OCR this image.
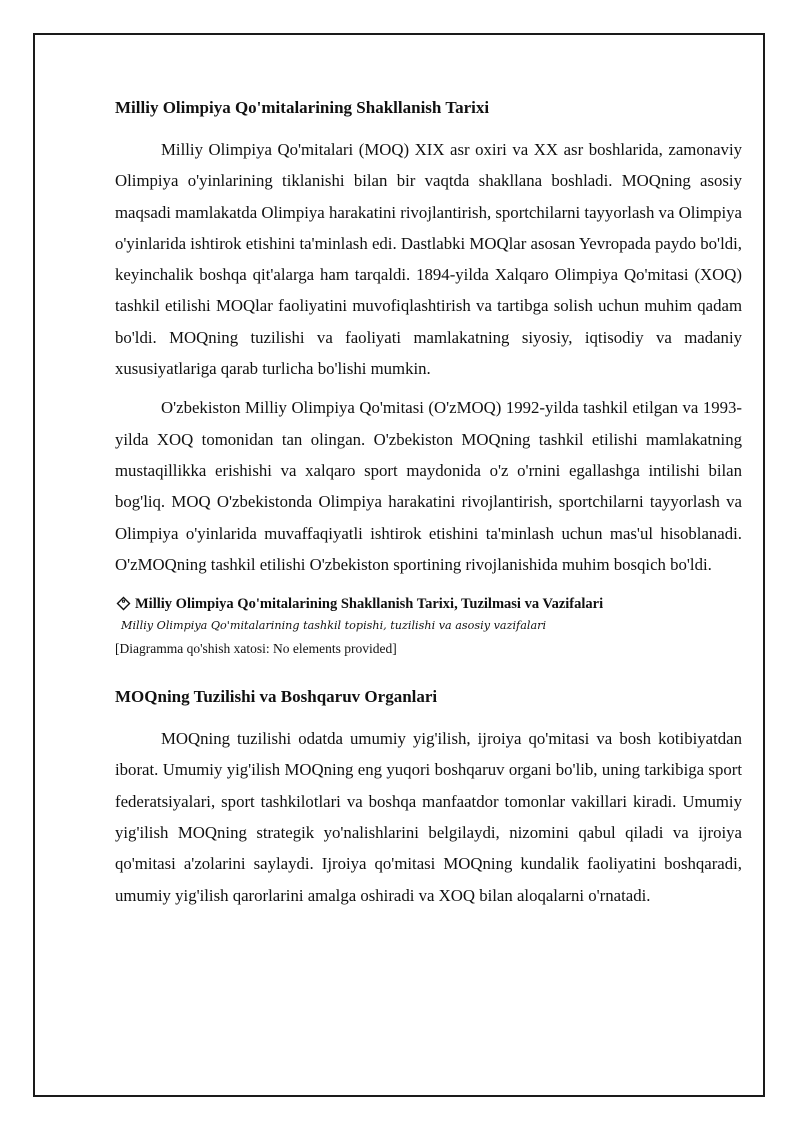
Milliy Olimpiya Qo'mitalarining Shakllanish Tarixi

Milliy Olimpiya Qo'mitalari (MOQ) XIX asr oxiri va XX asr boshlarida, zamonaviy Olimpiya o'yinlarining tiklanishi bilan bir vaqtda shakllana boshladi. MOQning asosiy maqsadi mamlakatda Olimpiya harakatini rivojlantirish, sportchilarni tayyorlash va Olimpiya o'yinlarida ishtirok etishini ta'minlash edi. Dastlabki MOQlar asosan Yevropada paydo bo'ldi, keyinchalik boshqa qit'alarga ham tarqaldi. 1894-yilda Xalqaro Olimpiya Qo'mitasi (XOQ) tashkil etilishi MOQlar faoliyatini muvofiqlashtirish va tartibga solish uchun muhim qadam bo'ldi. MOQning tuzilishi va faoliyati mamlakatning siyosiy, iqtisodiy va madaniy xususiyatlariga qarab turlicha bo'lishi mumkin.

O'zbekiston Milliy Olimpiya Qo'mitasi (O'zMOQ) 1992-yilda tashkil etilgan va 1993-yilda XOQ tomonidan tan olingan. O'zbekiston MOQning tashkil etilishi mamlakatning mustaqillikka erishishi va xalqaro sport maydonida o'z o'rnini egallashga intilishi bilan bog'liq. MOQ O'zbekistonda Olimpiya harakatini rivojlantirish, sportchilarni tayyorlash va Olimpiya o'yinlarida muvaffaqiyatli ishtirok etishini ta'minlash uchun mas'ul hisoblanadi. O'zMOQning tashkil etilishi O'zbekiston sportining rivojlanishida muhim bosqich bo'ldi.

Milliy Olimpiya Qo'mitalarining Shakllanish Tarixi, Tuzilmasi va Vazifalari
Milliy Olimpiya Qo'mitalarining tashkil topishi, tuzilishi va asosiy vazifalari
[Diagramma qo'shish xatosi: No elements provided]
MOQning Tuzilishi va Boshqaruv Organlari

MOQning tuzilishi odatda umumiy yig'ilish, ijroiya qo'mitasi va bosh kotibiyatdan iborat. Umumiy yig'ilish MOQning eng yuqori boshqaruv organi bo'lib, uning tarkibiga sport federatsiyalari, sport tashkilotlari va boshqa manfaatdor tomonlar vakillari kiradi. Umumiy yig'ilish MOQning strategik yo'nalishlarini belgilaydi, nizomini qabul qiladi va ijroiya qo'mitasi a'zolarini saylaydi. Ijroiya qo'mitasi MOQning kundalik faoliyatini boshqaradi, umumiy yig'ilish qarorlarini amalga oshiradi va XOQ bilan aloqalarni o'rnatadi.
